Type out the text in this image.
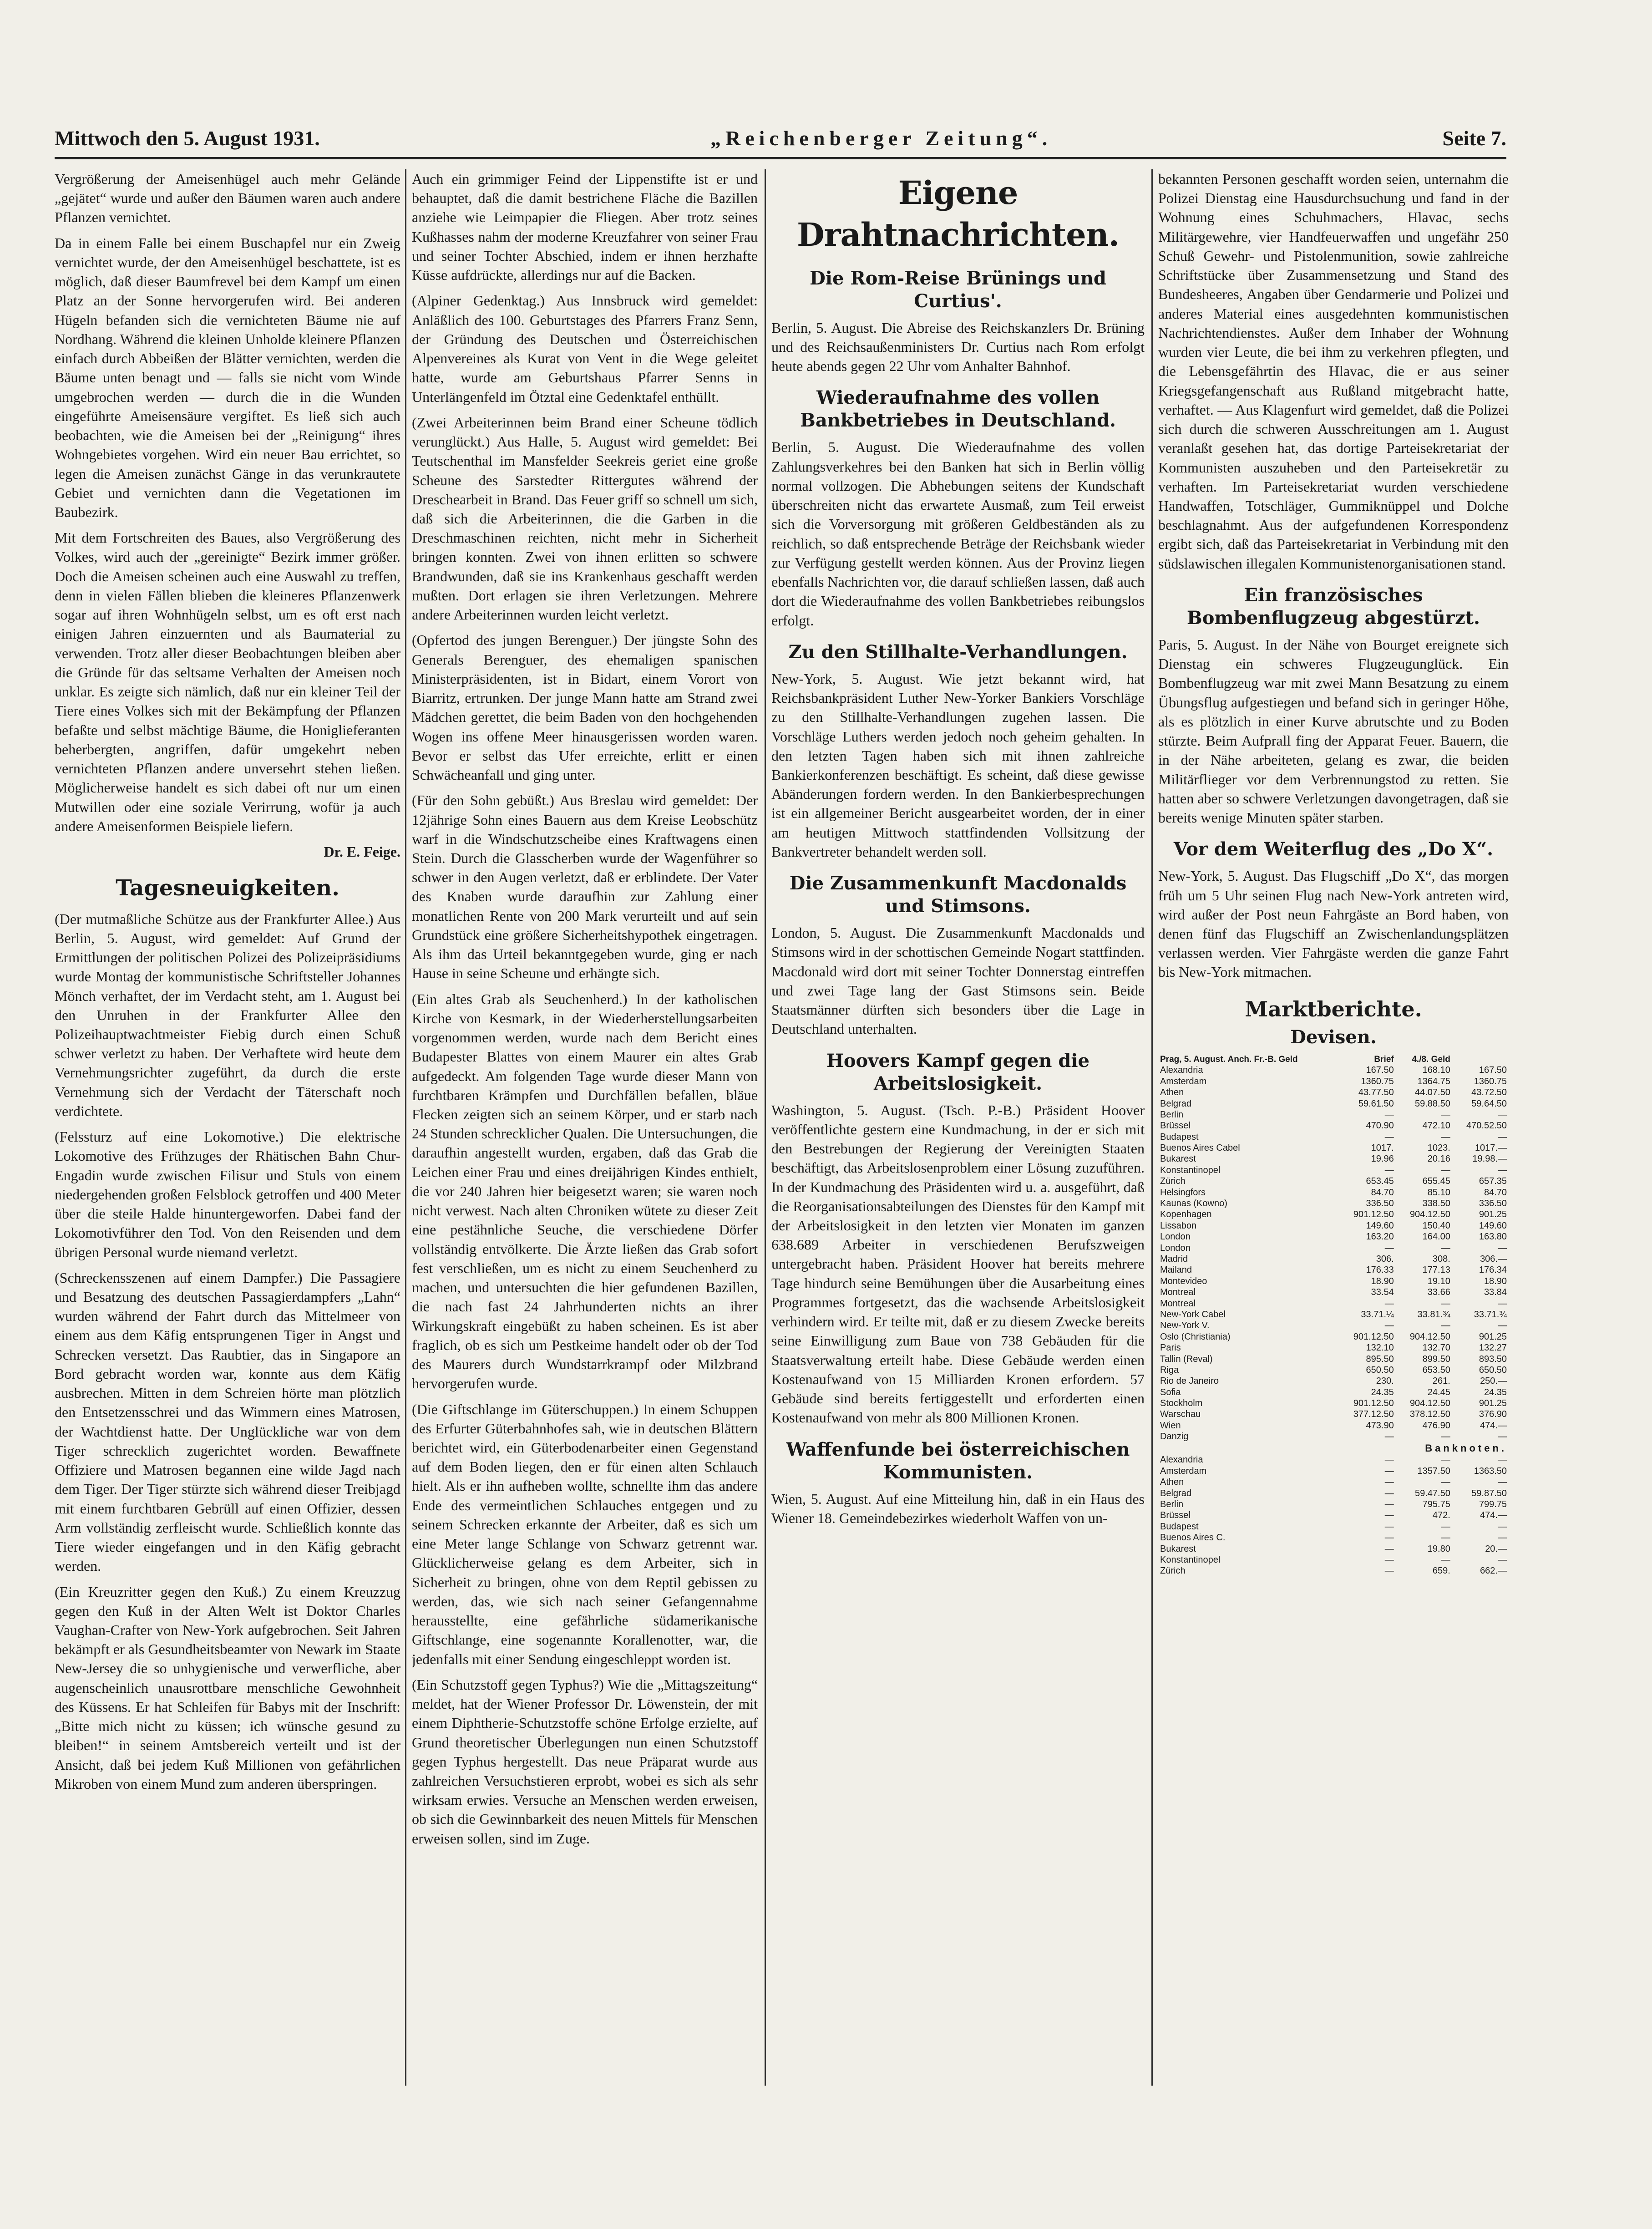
Mittwoch den 5. August 1931.	„Reichenberger Zeitung“.	Seite 7.

Vergrößerung der Ameisenhügel auch mehr Gelände „gejätet“ wurde und außer den Bäumen waren auch andere Pflanzen vernichtet.

Da in einem Falle bei einem Buschapfel nur ein Zweig vernichtet wurde, der den Ameisenhügel beschattete, ist es möglich, daß dieser Baumfrevel bei dem Kampf um einen Platz an der Sonne hervorgerufen wird. Bei anderen Hügeln befanden sich die vernichteten Bäume nie auf Nordhang. Während die kleinen Unholde kleinere Pflanzen einfach durch Abbeißen der Blätter vernichten, werden die Bäume unten benagt und — falls sie nicht vom Winde umgebrochen werden — durch die in die Wunden eingeführte Ameisensäure vergiftet. Es ließ sich auch beobachten, wie die Ameisen bei der „Reinigung“ ihres Wohngebietes vorgehen. Wird ein neuer Bau errichtet, so legen die Ameisen zunächst Gänge in das verunkrautete Gebiet und vernichten dann die Vegetationen im Baubezirk.

Mit dem Fortschreiten des Baues, also Vergrößerung des Volkes, wird auch der „gereinigte“ Bezirk immer größer. Doch die Ameisen scheinen auch eine Auswahl zu treffen, denn in vielen Fällen blieben die kleineres Pflanzenwerk sogar auf ihren Wohnhügeln selbst, um es oft erst nach einigen Jahren einzuernten und als Baumaterial zu verwenden. Trotz aller dieser Beobachtungen bleiben aber die Gründe für das seltsame Verhalten der Ameisen noch unklar. Es zeigte sich nämlich, daß nur ein kleiner Teil der Tiere eines Volkes sich mit der Bekämpfung der Pflanzen befaßte und selbst mächtige Bäume, die Honiglieferanten beherbergten, angriffen, dafür umgekehrt neben vernichteten Pflanzen andere unversehrt stehen ließen. Möglicherweise handelt es sich dabei oft nur um einen Mutwillen oder eine soziale Verirrung, wofür ja auch andere Ameisenformen Beispiele liefern.

Dr. E. Feige.

Tagesneuigkeiten.

(Der mutmaßliche Schütze aus der Frankfurter Allee.) Aus Berlin, 5. August, wird gemeldet: Auf Grund der Ermittlungen der politischen Polizei des Polizeipräsidiums wurde Montag der kommunistische Schriftsteller Johannes Mönch verhaftet, der im Verdacht steht, am 1. August bei den Unruhen in der Frankfurter Allee den Polizeihauptwachtmeister Fiebig durch einen Schuß schwer verletzt zu haben. Der Verhaftete wird heute dem Vernehmungsrichter zugeführt, da durch die erste Vernehmung sich der Verdacht der Täterschaft noch verdichtete.

(Felssturz auf eine Lokomotive.) Die elektrische Lokomotive des Frühzuges der Rhätischen Bahn Chur-Engadin wurde zwischen Filisur und Stuls von einem niedergehenden großen Felsblock getroffen und 400 Meter über die steile Halde hinuntergeworfen. Dabei fand der Lokomotivführer den Tod. Von den Reisenden und dem übrigen Personal wurde niemand verletzt.

(Schreckensszenen auf einem Dampfer.) Die Passagiere und Besatzung des deutschen Passagierdampfers „Lahn“ wurden während der Fahrt durch das Mittelmeer von einem aus dem Käfig entsprungenen Tiger in Angst und Schrecken versetzt. Das Raubtier, das in Singapore an Bord gebracht worden war, konnte aus dem Käfig ausbrechen. Mitten in dem Schreien hörte man plötzlich den Entsetzensschrei und das Wimmern eines Matrosen, der Wachtdienst hatte. Der Unglückliche war von dem Tiger schrecklich zugerichtet worden. Bewaffnete Offiziere und Matrosen begannen eine wilde Jagd nach dem Tiger. Der Tiger stürzte sich während dieser Treibjagd mit einem furchtbaren Gebrüll auf einen Offizier, dessen Arm vollständig zerfleischt wurde. Schließlich konnte das Tiere wieder eingefangen und in den Käfig gebracht werden.

(Ein Kreuzritter gegen den Kuß.) Zu einem Kreuzzug gegen den Kuß in der Alten Welt ist Doktor Charles Vaughan-Crafter von New-York aufgebrochen. Seit Jahren bekämpft er als Gesundheitsbeamter von Newark im Staate New-Jersey die so unhygienische und verwerfliche, aber augenscheinlich unausrottbare menschliche Gewohnheit des Küssens. Er hat Schleifen für Babys mit der Inschrift: „Bitte mich nicht zu küssen; ich wünsche gesund zu bleiben!“ in seinem Amtsbereich verteilt und ist der Ansicht, daß bei jedem Kuß Millionen von gefährlichen Mikroben von einem Mund zum anderen überspringen.

Auch ein grimmiger Feind der Lippenstifte ist er und behauptet, daß die damit bestrichene Fläche die Bazillen anziehe wie Leimpapier die Fliegen. Aber trotz seines Kußhasses nahm der moderne Kreuzfahrer von seiner Frau und seiner Tochter Abschied, indem er ihnen herzhafte Küsse aufdrückte, allerdings nur auf die Backen.

(Alpiner Gedenktag.) Aus Innsbruck wird gemeldet: Anläßlich des 100. Geburtstages des Pfarrers Franz Senn, der Gründung des Deutschen und Österreichischen Alpenvereines als Kurat von Vent in die Wege geleitet hatte, wurde am Geburtshaus Pfarrer Senns in Unterlängenfeld im Ötztal eine Gedenktafel enthüllt.

(Zwei Arbeiterinnen beim Brand einer Scheune tödlich verunglückt.) Aus Halle, 5. August wird gemeldet: Bei Teutschenthal im Mansfelder Seekreis geriet eine große Scheune des Sarstedter Rittergutes während der Dreschearbeit in Brand. Das Feuer griff so schnell um sich, daß sich die Arbeiterinnen, die die Garben in die Dreschmaschinen reichten, nicht mehr in Sicherheit bringen konnten. Zwei von ihnen erlitten so schwere Brandwunden, daß sie ins Krankenhaus geschafft werden mußten. Dort erlagen sie ihren Verletzungen. Mehrere andere Arbeiterinnen wurden leicht verletzt.

(Opfertod des jungen Berenguer.) Der jüngste Sohn des Generals Berenguer, des ehemaligen spanischen Ministerpräsidenten, ist in Bidart, einem Vorort von Biarritz, ertrunken. Der junge Mann hatte am Strand zwei Mädchen gerettet, die beim Baden von den hochgehenden Wogen ins offene Meer hinausgerissen worden waren. Bevor er selbst das Ufer erreichte, erlitt er einen Schwächeanfall und ging unter.

(Für den Sohn gebüßt.) Aus Breslau wird gemeldet: Der 12jährige Sohn eines Bauern aus dem Kreise Leobschütz warf in die Windschutzscheibe eines Kraftwagens einen Stein. Durch die Glasscherben wurde der Wagenführer so schwer in den Augen verletzt, daß er erblindete. Der Vater des Knaben wurde daraufhin zur Zahlung einer monatlichen Rente von 200 Mark verurteilt und auf sein Grundstück eine größere Sicherheitshypothek eingetragen. Als ihm das Urteil bekanntgegeben wurde, ging er nach Hause in seine Scheune und erhängte sich.

(Ein altes Grab als Seuchenherd.) In der katholischen Kirche von Kesmark, in der Wiederherstellungsarbeiten vorgenommen werden, wurde nach dem Bericht eines Budapester Blattes von einem Maurer ein altes Grab aufgedeckt. Am folgenden Tage wurde dieser Mann von furchtbaren Krämpfen und Durchfällen befallen, bläue Flecken zeigten sich an seinem Körper, und er starb nach 24 Stunden schrecklicher Qualen. Die Untersuchungen, die daraufhin angestellt wurden, ergaben, daß das Grab die Leichen einer Frau und eines dreijährigen Kindes enthielt, die vor 240 Jahren hier beigesetzt waren; sie waren noch nicht verwest. Nach alten Chroniken wütete zu dieser Zeit eine pestähnliche Seuche, die verschiedene Dörfer vollständig entvölkerte. Die Ärzte ließen das Grab sofort fest verschließen, um es nicht zu einem Seuchenherd zu machen, und untersuchten die hier gefundenen Bazillen, die nach fast 24 Jahrhunderten nichts an ihrer Wirkungskraft eingebüßt zu haben scheinen. Es ist aber fraglich, ob es sich um Pestkeime handelt oder ob der Tod des Maurers durch Wundstarrkrampf oder Milzbrand hervorgerufen wurde.

(Die Giftschlange im Güterschuppen.) In einem Schuppen des Erfurter Güterbahnhofes sah, wie in deutschen Blättern berichtet wird, ein Güterbodenarbeiter einen Gegenstand auf dem Boden liegen, den er für einen alten Schlauch hielt. Als er ihn aufheben wollte, schnellte ihm das andere Ende des vermeintlichen Schlauches entgegen und zu seinem Schrecken erkannte der Arbeiter, daß es sich um eine Meter lange Schlange von Schwarz getrennt war. Glücklicherweise gelang es dem Arbeiter, sich in Sicherheit zu bringen, ohne von dem Reptil gebissen zu werden, das, wie sich nach seiner Gefangennahme herausstellte, eine gefährliche südamerikanische Giftschlange, eine sogenannte Korallenotter, war, die jedenfalls mit einer Sendung eingeschleppt worden ist.

(Ein Schutzstoff gegen Typhus?) Wie die „Mittagszeitung“ meldet, hat der Wiener Professor Dr. Löwenstein, der mit einem Diphtherie-Schutzstoffe schöne Erfolge erzielte, auf Grund theoretischer Überlegungen nun einen Schutzstoff gegen Typhus hergestellt. Das neue Präparat wurde aus zahlreichen Versuchstieren erprobt, wobei es sich als sehr wirksam erwies. Versuche an Menschen werden erweisen, ob sich die Gewinnbarkeit des neuen Mittels für Menschen erweisen sollen, sind im Zuge.

Eigene Drahtnachrichten.
Die Rom-Reise Brünings und Curtius'.

Berlin, 5. August. Die Abreise des Reichskanzlers Dr. Brüning und des Reichsaußenministers Dr. Curtius nach Rom erfolgt heute abends gegen 22 Uhr vom Anhalter Bahnhof.

Wiederaufnahme des vollen Bankbetriebes in Deutschland.

Berlin, 5. August. Die Wiederaufnahme des vollen Zahlungsverkehres bei den Banken hat sich in Berlin völlig normal vollzogen. Die Abhebungen seitens der Kundschaft überschreiten nicht das erwartete Ausmaß, zum Teil erweist sich die Vorversorgung mit größeren Geldbeständen als zu reichlich, so daß entsprechende Beträge der Reichsbank wieder zur Verfügung gestellt werden können. Aus der Provinz liegen ebenfalls Nachrichten vor, die darauf schließen lassen, daß auch dort die Wiederaufnahme des vollen Bankbetriebes reibungslos erfolgt.

Zu den Stillhalte-Verhandlungen.

New-York, 5. August. Wie jetzt bekannt wird, hat Reichsbankpräsident Luther New-Yorker Bankiers Vorschläge zu den Stillhalte-Verhandlungen zugehen lassen. Die Vorschläge Luthers werden jedoch noch geheim gehalten. In den letzten Tagen haben sich mit ihnen zahlreiche Bankierkonferenzen beschäftigt. Es scheint, daß diese gewisse Abänderungen fordern werden. In den Bankierbesprechungen ist ein allgemeiner Bericht ausgearbeitet worden, der in einer am heutigen Mittwoch stattfindenden Vollsitzung der Bankvertreter behandelt werden soll.

Die Zusammenkunft Macdonalds und Stimsons.

London, 5. August. Die Zusammenkunft Macdonalds und Stimsons wird in der schottischen Gemeinde Nogart stattfinden. Macdonald wird dort mit seiner Tochter Donnerstag eintreffen und zwei Tage lang der Gast Stimsons sein. Beide Staatsmänner dürften sich besonders über die Lage in Deutschland unterhalten.

Hoovers Kampf gegen die Arbeitslosigkeit.

Washington, 5. August. (Tsch. P.-B.) Präsident Hoover veröffentlichte gestern eine Kundmachung, in der er sich mit den Bestrebungen der Regierung der Vereinigten Staaten beschäftigt, das Arbeitslosenproblem einer Lösung zuzuführen. In der Kundmachung des Präsidenten wird u. a. ausgeführt, daß die Reorganisationsabteilungen des Dienstes für den Kampf mit der Arbeitslosigkeit in den letzten vier Monaten im ganzen 638.689 Arbeiter in verschiedenen Berufszweigen untergebracht haben. Präsident Hoover hat bereits mehrere Tage hindurch seine Bemühungen über die Ausarbeitung eines Programmes fortgesetzt, das die wachsende Arbeitslosigkeit verhindern wird. Er teilte mit, daß er zu diesem Zwecke bereits seine Einwilligung zum Baue von 738 Gebäuden für die Staatsverwaltung erteilt habe. Diese Gebäude werden einen Kostenaufwand von 15 Milliarden Kronen erfordern. 57 Gebäude sind bereits fertiggestellt und erforderten einen Kostenaufwand von mehr als 800 Millionen Kronen.

Waffenfunde bei österreichischen Kommunisten.

Wien, 5. August. Auf eine Mitteilung hin, daß in ein Haus des Wiener 18. Gemeindebezirkes wiederholt Waffen von un-

bekannten Personen geschafft worden seien, unternahm die Polizei Dienstag eine Hausdurchsuchung und fand in der Wohnung eines Schuhmachers, Hlavac, sechs Militärgewehre, vier Handfeuerwaffen und ungefähr 250 Schuß Gewehr- und Pistolenmunition, sowie zahlreiche Schriftstücke über Zusammensetzung und Stand des Bundesheeres, Angaben über Gendarmerie und Polizei und anderes Material eines ausgedehnten kommunistischen Nachrichtendienstes. Außer dem Inhaber der Wohnung wurden vier Leute, die bei ihm zu verkehren pflegten, und die Lebensgefährtin des Hlavac, die er aus seiner Kriegsgefangenschaft aus Rußland mitgebracht hatte, verhaftet. — Aus Klagenfurt wird gemeldet, daß die Polizei sich durch die schweren Ausschreitungen am 1. August veranlaßt gesehen hat, das dortige Parteisekretariat der Kommunisten auszuheben und den Parteisekretär zu verhaften. Im Parteisekretariat wurden verschiedene Handwaffen, Totschläger, Gummiknüppel und Dolche beschlagnahmt. Aus der aufgefundenen Korrespondenz ergibt sich, daß das Parteisekretariat in Verbindung mit den südslawischen illegalen Kommunistenorganisationen stand.

Ein französisches Bombenflugzeug abgestürzt.

Paris, 5. August. In der Nähe von Bourget ereignete sich Dienstag ein schweres Flugzeugunglück. Ein Bombenflugzeug war mit zwei Mann Besatzung zu einem Übungsflug aufgestiegen und befand sich in geringer Höhe, als es plötzlich in einer Kurve abrutschte und zu Boden stürzte. Beim Aufprall fing der Apparat Feuer. Bauern, die in der Nähe arbeiteten, gelang es zwar, die beiden Militärflieger vor dem Verbrennungstod zu retten. Sie hatten aber so schwere Verletzungen davongetragen, daß sie bereits wenige Minuten später starben.

Vor dem Weiterflug des „Do X“.

New-York, 5. August. Das Flugschiff „Do X“, das morgen früh um 5 Uhr seinen Flug nach New-York antreten wird, wird außer der Post neun Fahrgäste an Bord haben, von denen fünf das Flugschiff an Zwischenlandungsplätzen verlassen werden. Vier Fahrgäste werden die ganze Fahrt bis New-York mitmachen.

Marktberichte.
Devisen.
Prag, 5. August. Anch. Fr.-B. Geld	Brief	4./8. Geld	
Alexandria	167.50	168.10	167.50
Amsterdam	1360.75	1364.75	1360.75
Athen	43.77.50	44.07.50	43.72.50
Belgrad	59.61.50	59.88.50	59.64.50
Berlin	—	—	—
Brüssel	470.90	472.10	470.52.50
Budapest	—	—	—
Buenos Aires Cabel	1017.	1023.	1017.—
Bukarest	19.96	20.16	19.98.—
Konstantinopel	—	—	—
Zürich	653.45	655.45	657.35
Helsingfors	84.70	85.10	84.70
Kaunas (Kowno)	336.50	338.50	336.50
Kopenhagen	901.12.50	904.12.50	901.25
Lissabon	149.60	150.40	149.60
London	163.20	164.00	163.80
London	—	—	—
Madrid	306.	308.	306.—
Mailand	176.33	177.13	176.34
Montevideo	18.90	19.10	18.90
Montreal	33.54	33.66	33.84
Montreal	—	—	—
New-York Cabel	33.71.¼	33.81.¾	33.71.¾
New-York V.	—	—	—
Oslo (Christiania)	901.12.50	904.12.50	901.25
Paris	132.10	132.70	132.27
Tallin (Reval)	895.50	899.50	893.50
Riga	650.50	653.50	650.50
Rio de Janeiro	230.	261.	250.—
Sofia	24.35	24.45	24.35
Stockholm	901.12.50	904.12.50	901.25
Warschau	377.12.50	378.12.50	376.90
Wien	473.90	476.90	474.—
Danzig	—	—	—
Banknoten.			
Alexandria	—	—	—
Amsterdam	—	1357.50	1363.50
Athen	—	—	—
Belgrad	—	59.47.50	59.87.50
Berlin	—	795.75	799.75
Brüssel	—	472.	474.—
Budapest	—	—	—
Buenos Aires C.	—	—	—
Bukarest	—	19.80	20.—
Konstantinopel	—	—	—
Zürich	—	659.	662.—
